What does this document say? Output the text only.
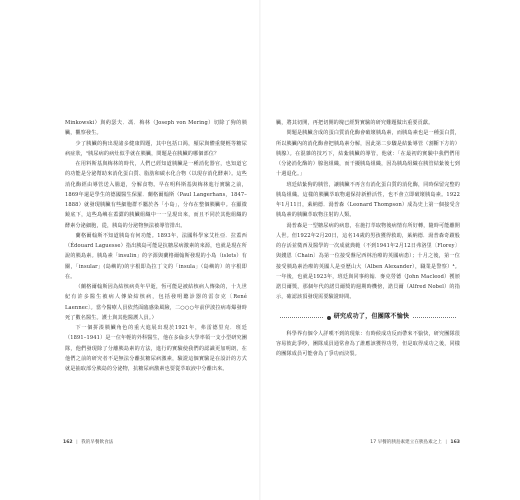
Minkowski）與約瑟夫．馮．梅林（Joseph von Mering）切除了狗的胰臟，觀察發生。

少了胰臟的狗出現諸多健康問題，其中包括口渴，頻尿與體重變輕等糖尿病症狀，¹胰尿病的病灶似乎就在胰臟，問題是在胰臟的哪個部位？

在用料斯基與梅林的時代，人們已經知道胰臟是一種消化器官，也知道它的功能是分泌幫助來消化蛋白質、脂肪和碳水化合物（以現存消化酵素）。這些消化酶經由導管送入腸道，分解食物。早在明科斯基與梅林進行實驗之前，1869年還是學生的德國醫生保羅．蘭格爾翰斯（Paul Langerhans，1847–1888）就發現胰臟有些細胞群不屬於各「小島」，分布在整個胰臟中。在顯微鏡底下，這些島嶼在蓋澀的胰臟組織中一一呈現出來，而且不同於其他組織的酵素分泌細胞，從，胰島的分泌物無法被導管排出。

蘭格爾翰斯不知道胰島有何功能。1893年，法國科學家艾杜亞．拉蓋西（Édouard Laguesse）指出胰島可能是抗糖尿病激素的來源，也就是現在所說的胰島素。胰島素「insulin」的字源與蘭格爾翰斯發現的小島（islets）有關，「insular」(島嶼的)的字根即為拉丁文的「insula」（島嶼的）的字根即在。

（蘭格爾翰斯因為結核病英年早逝，恆可能是被結核病人傳染的，十九世紀有許多醫生被病人傳染結核病，包括發明聽診器的雷奈克〔René Laennec〕。當今醫療人員依然面臨感染風險，二○○○年前伊波拉病毒爆發時死了數名醫生。護士與其他醫護人員。）

下一個拼湊胰臟角色的重大進展出現於1921年，弗雷德里克．班廷（1891–1941）是一位年輕的外科醫生，他在多倫多大學率領一支小型研究團隊，他們發現除了分離胰島素的方法，進行的實驗使我們的認識更加明朗，在他們之前的研究者不是無法分離抗糖尿病激素，驗證這個實驗是在設計的方式就是抽取部分胰島的分泌物，抗糖尿病激素也要從萃取液中分離出來。

162 | 我的早餐飲食法

臟，將其切開，再把切開的塊已經對實驗的研究難題做出重要貢獻。

問題是胰臟含成的蛋白質消化酶會破壞胰島素，而胰島素也是一種蛋白質，所以胰臟內的消化酶會把胰島素分解，因此第二步驟是結紮導管（割斷下方的）胰腺）。在混雜的技巧下，結紮胰臟的導管，他就：「在最初的實驗中我們們用（分泌消化酶的）腺泡組織，而干擾胰島組織，因為胰島組織在胰管結紮後七到十週退化。」

班廷結紮狗的胰管，讓胰臟不再含有消化蛋白質的消化酶，同時保留完整的胰島組織。這樣的胰臟萃取物還保持新鮮活性，也不會立即破壞胰島素。1922年1月11日，萊納德．湯普森（Leonard Thompson）成為史上第一個接受含胰島素的胰臟萃取物注射的人類。

湯普森是一型糖尿病的病患，在施打萃取物後病情有所好轉，隨時可能離開人世。但1922年2月20日，這名14歲的男孩獲得救助，萊納德．湯普森奇蹟般的存活並徵西及醫學的一次成就典範（不到1941年2月12日弗洛里〔Florey〕與錢恩〔Chain〕為第一位接受盤尼西林治療的英國病患）；十月之後，第一位接受胰島素治療的英國人是亞歷山大（Alben Alexander），職業是警察）⁴。一年後，也就是1923年，班廷與同事約翰．麥克勞德（John Macleod）獲頒諾貝爾獎，那個年代的諾貝爾獎的週期時機傍，諾貝爾（Alfred Nobel）的指示，確認該頂發現需要驗證時間。

研究成功了，但團隊不愉快

科學界有個令人詳嘆不到的現象：有時候成功反而帶來不愉快，研究團隊很容易彼此爭吵，團隊成員通常會為了誰應該獲得功勞，但是取得成功之後，同樣的團隊成員可能會為了爭功而決裂。

17 早餐的胰島素建立在胰島素之上 | 163
